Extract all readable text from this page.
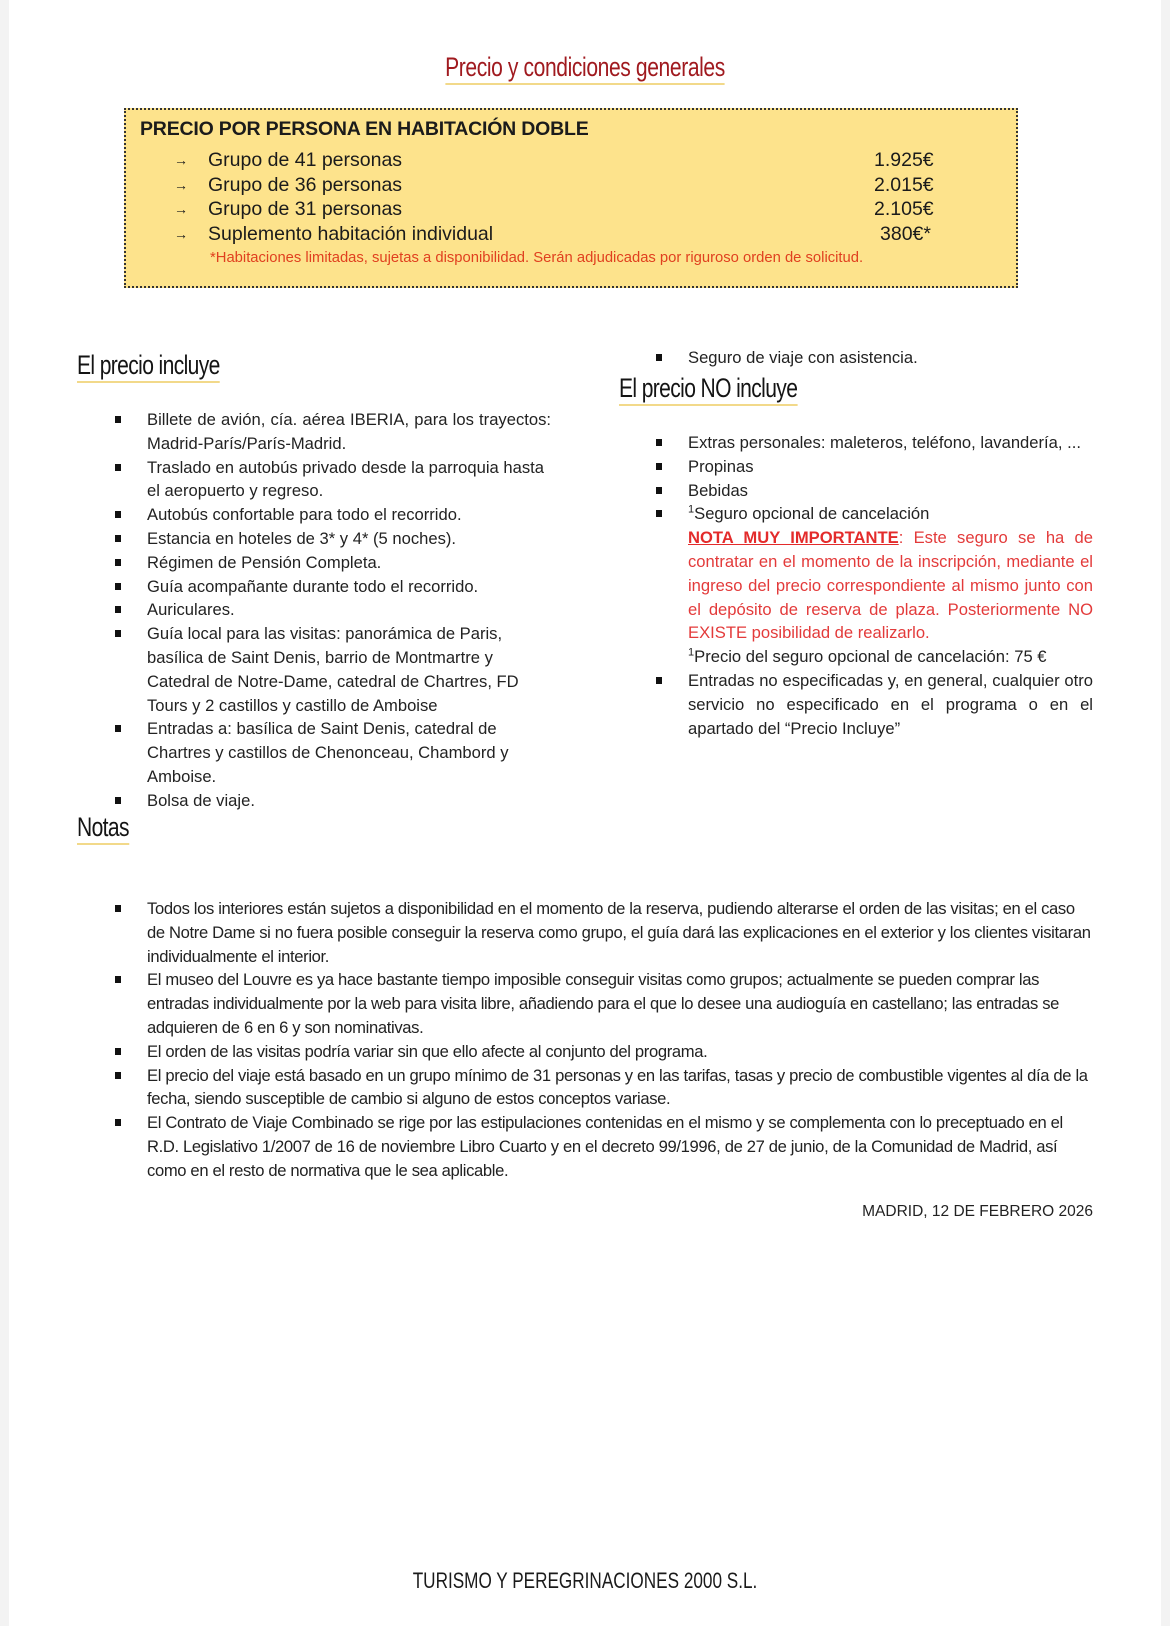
Precio y condiciones generales
PRECIO POR PERSONA EN HABITACIÓN DOBLE
→ Grupo de 41 personas	1.925€
→ Grupo de 36 personas	2.015€
→ Grupo de 31 personas	2.105€
→ Suplemento habitación individual	380€*
*Habitaciones limitadas, sujetas a disponibilidad. Serán adjudicadas por riguroso orden de solicitud.
El precio incluye
Billete de avión, cía. aérea IBERIA, para los trayectos: Madrid-París/París-Madrid.
Traslado en autobús privado desde la parroquia hasta el aeropuerto y regreso.
Autobús confortable para todo el recorrido.
Estancia en hoteles de 3* y 4* (5 noches).
Régimen de Pensión Completa.
Guía acompañante durante todo el recorrido.
Auriculares.
Guía local para las visitas: panorámica de Paris, basílica de Saint Denis, barrio de Montmartre y Catedral de Notre-Dame, catedral de Chartres, FD Tours y 2 castillos y castillo de Amboise
Entradas a: basílica de Saint Denis, catedral de Chartres y castillos de Chenonceau, Chambord y Amboise.
Bolsa de viaje.
Seguro de viaje con asistencia.
El precio NO incluye
Extras personales: maleteros, teléfono, lavandería, ...
Propinas
Bebidas
$^1$Seguro opcional de cancelación
NOTA MUY IMPORTANTE: Este seguro se ha de contratar en el momento de la inscripción, mediante el ingreso del precio correspondiente al mismo junto con el depósito de reserva de plaza. Posteriormente NO EXISTE posibilidad de realizarlo.
$^1$Precio del seguro opcional de cancelación: 75 €
Entradas no especificadas y, en general, cualquier otro servicio no especificado en el programa o en el apartado del “Precio Incluye”
Notas
Todos los interiores están sujetos a disponibilidad en el momento de la reserva, pudiendo alterarse el orden de las visitas; en el caso de Notre Dame si no fuera posible conseguir la reserva como grupo, el guía dará las explicaciones en el exterior y los clientes visitaran individualmente el interior.
El museo del Louvre es ya hace bastante tiempo imposible conseguir visitas como grupos; actualmente se pueden comprar las entradas individualmente por la web para visita libre, añadiendo para el que lo desee una audioguía en castellano; las entradas se adquieren de 6 en 6 y son nominativas.
El orden de las visitas podría variar sin que ello afecte al conjunto del programa.
El precio del viaje está basado en un grupo mínimo de 31 personas y en las tarifas, tasas y precio de combustible vigentes al día de la fecha, siendo susceptible de cambio si alguno de estos conceptos variase.
El Contrato de Viaje Combinado se rige por las estipulaciones contenidas en el mismo y se complementa con lo preceptuado en el R.D. Legislativo 1/2007 de 16 de noviembre Libro Cuarto y en el decreto 99/1996, de 27 de junio, de la Comunidad de Madrid, así como en el resto de normativa que le sea aplicable.
MADRID, 12 DE FEBRERO 2026
TURISMO Y PEREGRINACIONES 2000 S.L.
